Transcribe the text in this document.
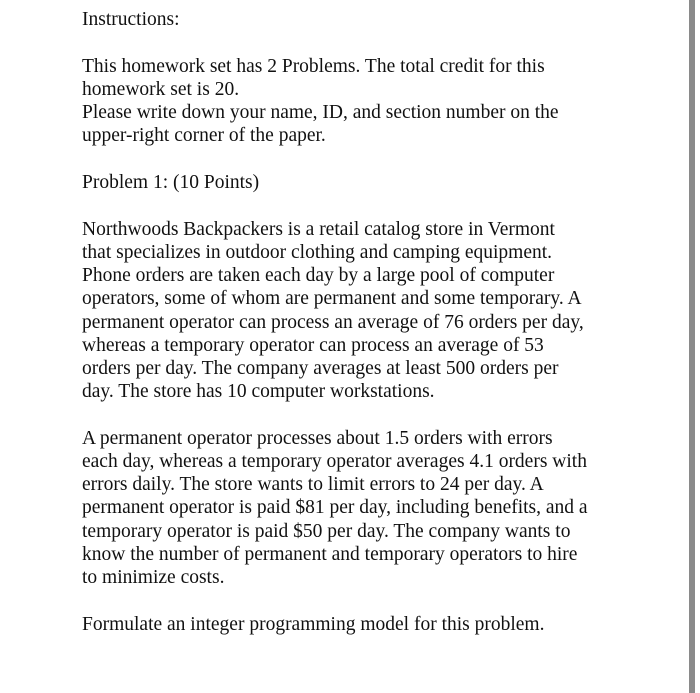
Instructions:
This homework set has 2 Problems. The total credit for this
homework set is 20.
Please write down your name, ID, and section number on the
upper-right corner of the paper.
Problem 1: (10 Points)
Northwoods Backpackers is a retail catalog store in Vermont
that specializes in outdoor clothing and camping equipment.
Phone orders are taken each day by a large pool of computer
operators, some of whom are permanent and some temporary. A
permanent operator can process an average of 76 orders per day,
whereas a temporary operator can process an average of 53
orders per day. The company averages at least 500 orders per
day. The store has 10 computer workstations.
A permanent operator processes about 1.5 orders with errors
each day, whereas a temporary operator averages 4.1 orders with
errors daily. The store wants to limit errors to 24 per day. A
permanent operator is paid $81 per day, including benefits, and a
temporary operator is paid $50 per day. The company wants to
know the number of permanent and temporary operators to hire
to minimize costs.
Formulate an integer programming model for this problem.
